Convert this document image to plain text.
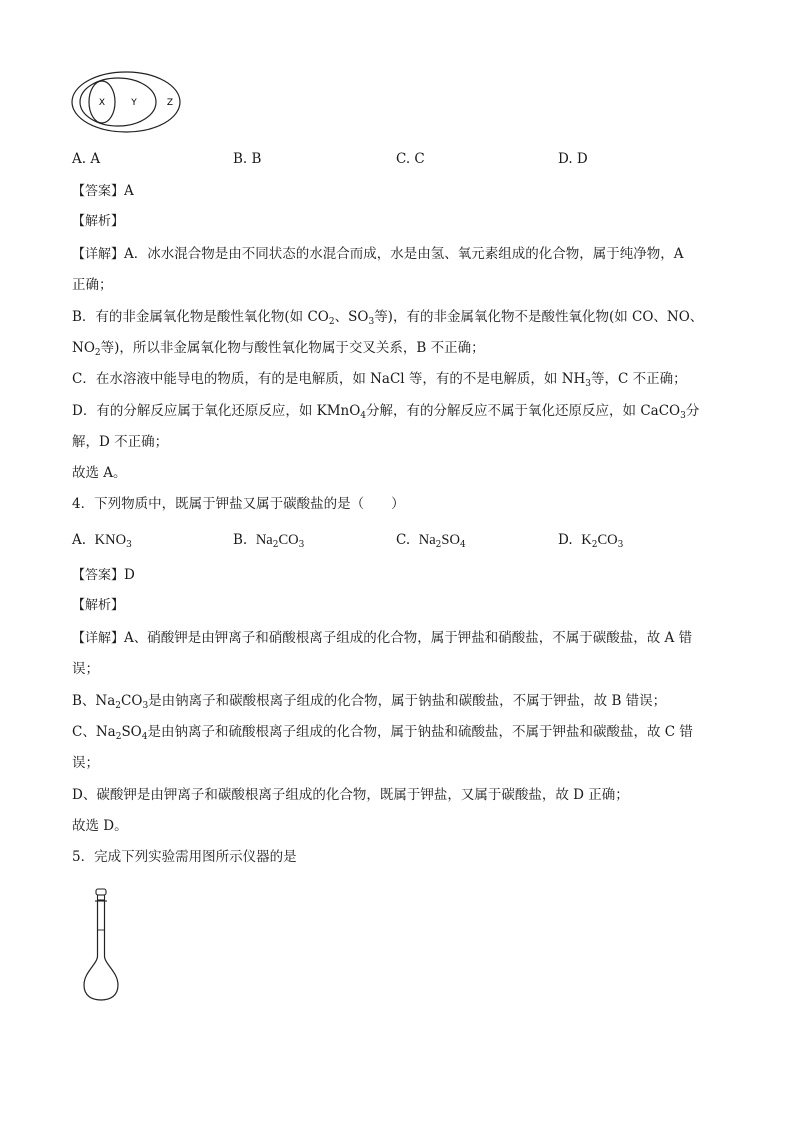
X	Y	Z
A. A	B. B	C. C	D. D
【答案】A
【解析】
【详解】A．冰水混合物是由不同状态的水混合而成，水是由氢、氧元素组成的化合物，属于纯净物，A
正确；
B．有的非金属氧化物是酸性氧化物(如 $CO_2$、$SO_3$等)，有的非金属氧化物不是酸性氧化物(如 CO、NO、
$NO_2$等)，所以非金属氧化物与酸性氧化物属于交叉关系，B 不正确；
C．在水溶液中能导电的物质，有的是电解质，如 NaCl 等，有的不是电解质，如 $NH_3$等，C 不正确；
D．有的分解反应属于氧化还原反应，如 KMnO$_4$分解，有的分解反应不属于氧化还原反应，如 CaCO$_3$分
解，D 不正确；
故选 A。
4．下列物质中，既属于钾盐又属于碳酸盐的是（　　）
A. $KNO_3$	B. $Na_2CO_3$	C. $Na_2SO_4$	D. $K_2CO_3$
【答案】D
【解析】
【详解】A、硝酸钾是由钾离子和硝酸根离子组成的化合物，属于钾盐和硝酸盐，不属于碳酸盐，故 A 错
误；
B、$Na_2CO_3$是由钠离子和碳酸根离子组成的化合物，属于钠盐和碳酸盐，不属于钾盐，故 B 错误；
C、$Na_2SO_4$是由钠离子和硫酸根离子组成的化合物，属于钠盐和硫酸盐，不属于钾盐和碳酸盐，故 C 错
误；
D、碳酸钾是由钾离子和碳酸根离子组成的化合物，既属于钾盐，又属于碳酸盐，故 D 正确；
故选 D。
5．完成下列实验需用图所示仪器的是
